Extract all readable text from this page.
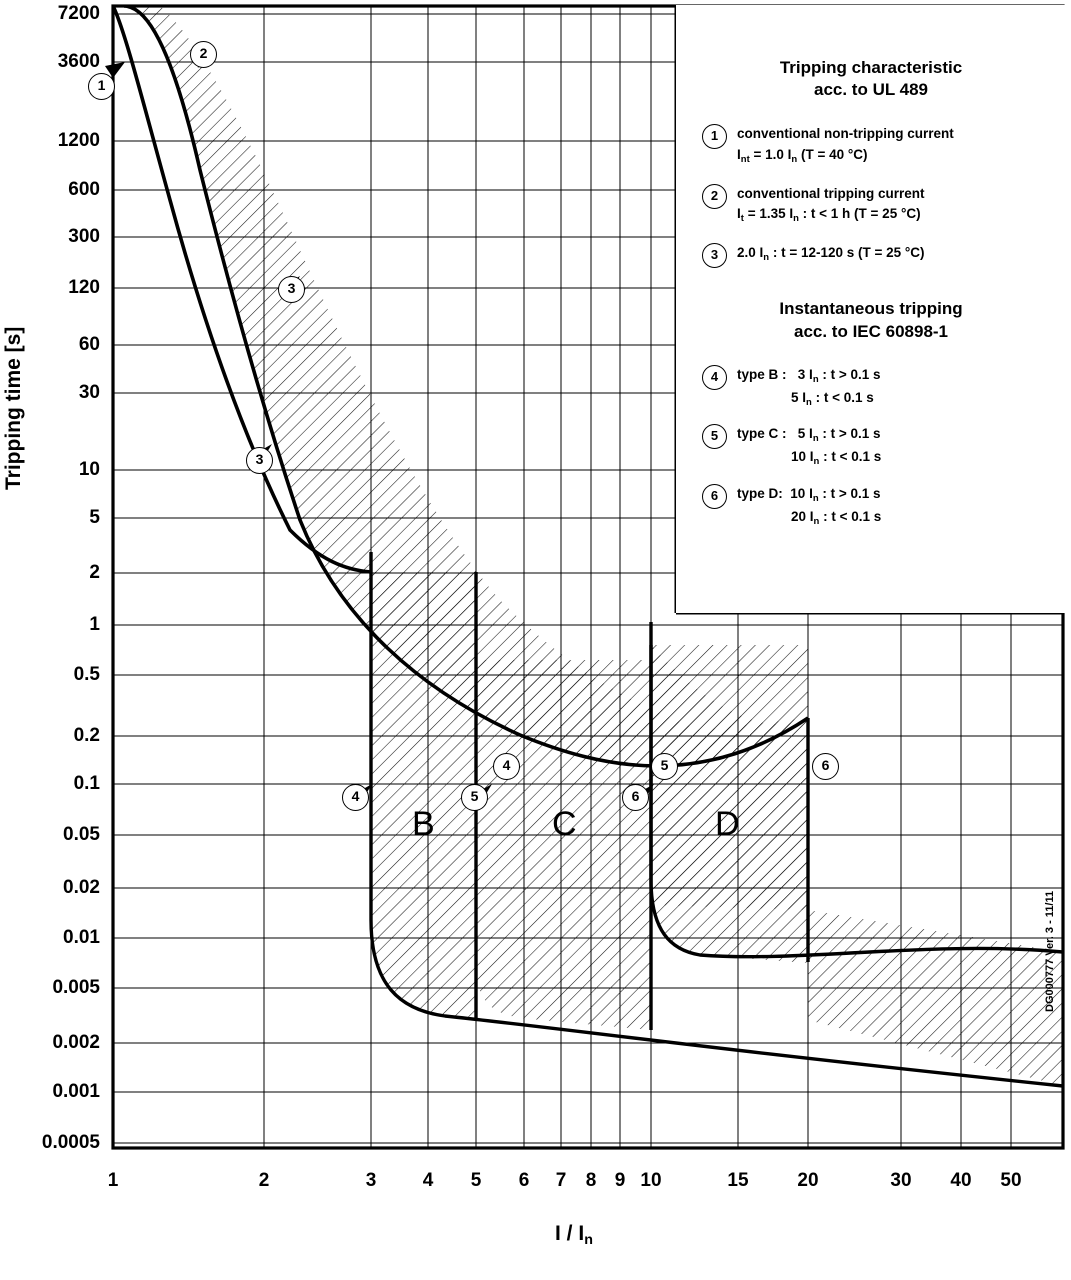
Tripping time [s]
I / $I_n$
7200
3600
1200
600
300
120
60
30
10
5
2
1
0.5
0.2
0.1
0.05
0.02
0.01
0.005
0.002
0.001
0.0005
1	2	3	4	5	6	7	8 9 10	15	20	30	40	50
B	C	D
1
2
3
3
4
4
5
5
6
6
Tripping characteristic
acc. to UL 489
1	conventional non-tripping current
$I_{nt} = 1.0$ $I_n$ (T = 40 °C)
2	conventional tripping current
$I_t = 1.35$ $I_n$ : t < 1 h (T = 25 °C)
3	2.0 $I_n$ : t = 12-120 s (T = 25 °C)
Instantaneous tripping
acc. to IEC 60898-1
4	type B : 3 $I_n$ : t > 0.1 s
5 $I_n$ : t < 0.1 s
5	type C : 5 $I_n$ : t > 0.1 s
10 $I_n$ : t < 0.1 s
6	type D: 10 $I_n$ : t > 0.1 s
20 $I_n$ : t < 0.1 s
DG000777 Ver. 3 - 11/11
